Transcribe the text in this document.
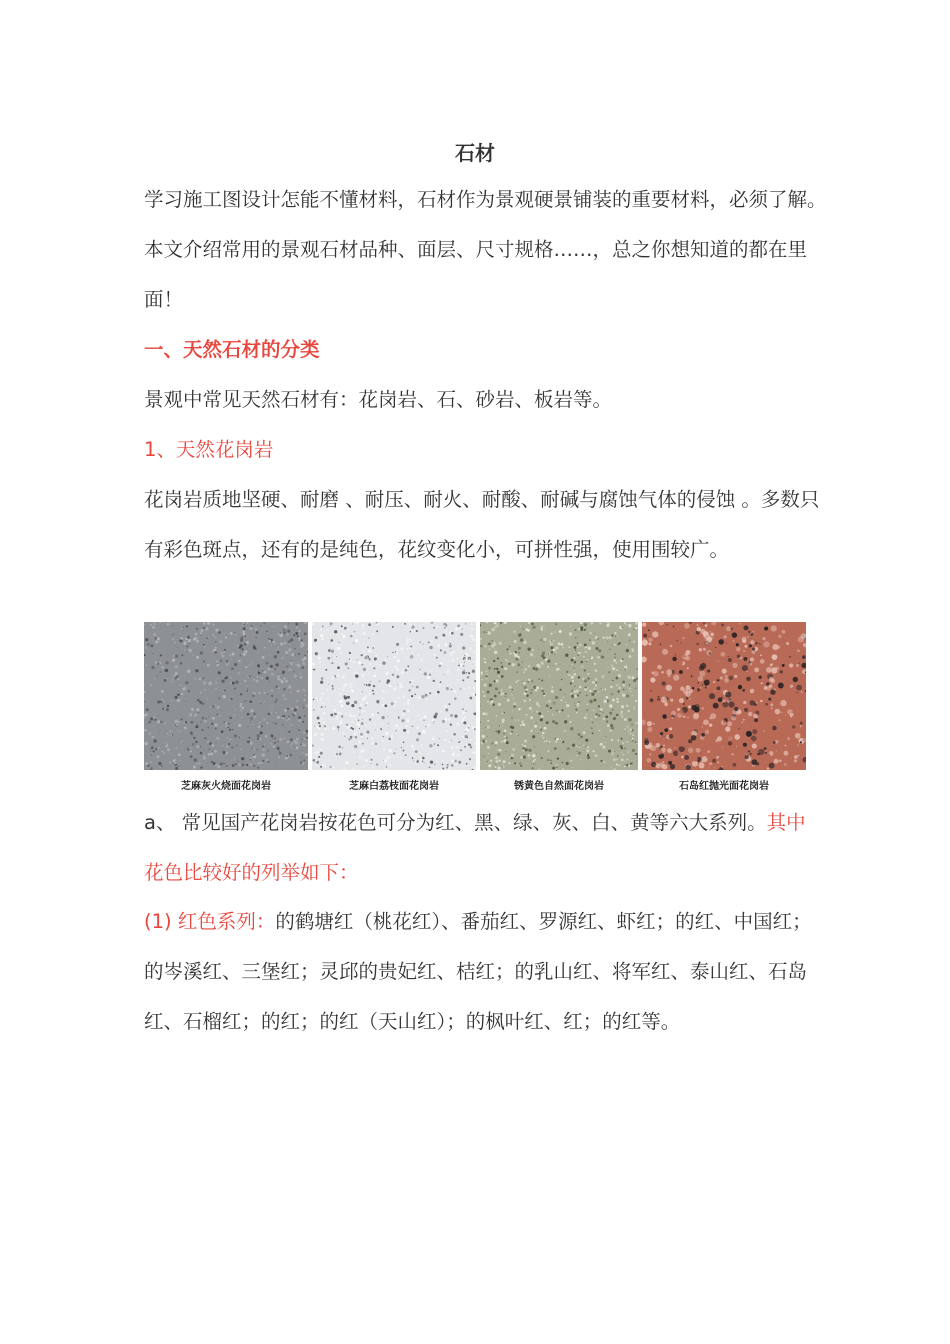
石材

学习施工图设计怎能不懂材料，石材作为景观硬景铺装的重要材料，必须了解。

本文介绍常用的景观石材品种、面层、尺寸规格……，总之你想知道的都在里

面！

一、天然石材的分类

景观中常见天然石材有：花岗岩、石、砂岩、板岩等。

1、天然花岗岩

花岗岩质地坚硬、耐磨 、耐压、耐火、耐酸、耐碱与腐蚀气体的侵蚀 。多数只

有彩色斑点，还有的是纯色，花纹变化小，可拼性强，使用围较广。

芝麻灰火烧面花岗岩	芝麻白荔枝面花岗岩	锈黄色自然面花岗岩	石岛红抛光面花岗岩

a、 常见国产花岗岩按花色可分为红、黑、绿、灰、白、黄等六大系列。其中

花色比较好的列举如下：

(1) 红色系列：的鹤塘红（桃花红）、番茄红、罗源红、虾红；的红、中国红；

的岑溪红、三堡红；灵邱的贵妃红、桔红；的乳山红、将军红、泰山红、石岛

红、石榴红；的红；的红（天山红）；的枫叶红、红；的红等。
